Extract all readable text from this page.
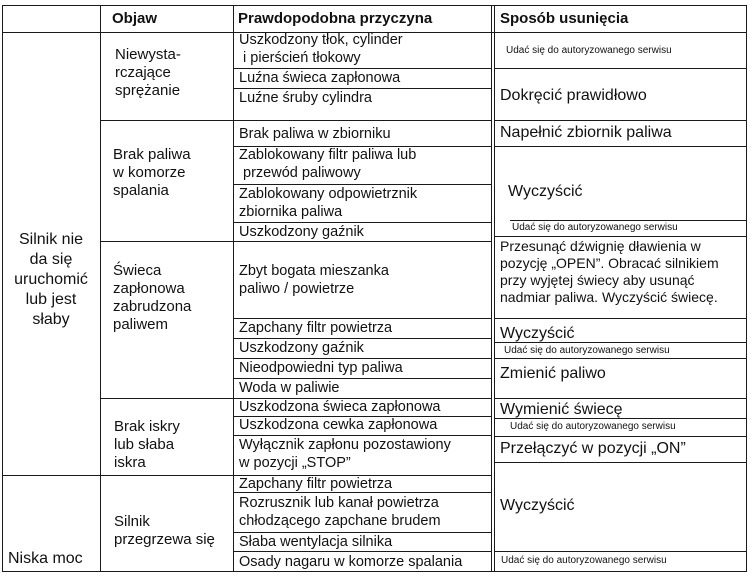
Objaw	Prawdopodobna przyczyna	Sposób usunięcia
Silnik nie
da się
uruchomić
lub jest
słaby
Niska moc
Niewysta-
rczające
sprężanie
Brak paliwa
w komorze
spalania
Świeca
zapłonowa
zabrudzona
paliwem
Brak iskry
lub słaba
iskra
Silnik
przegrzewa się
Uszkodzony tłok, cylinder
i pierścień tłokowy
Luźna świeca zapłonowa
Luźne śruby cylindra
Brak paliwa w zbiorniku
Zablokowany filtr paliwa lub
przewód paliwowy
Zablokowany odpowietrznik
zbiornika paliwa
Uszkodzony gaźnik
Zbyt bogata mieszanka
paliwo / powietrze
Zapchany filtr powietrza
Uszkodzony gaźnik
Nieodpowiedni typ paliwa
Woda w paliwie
Uszkodzona świeca zapłonowa
Uszkodzona cewka zapłonowa
Wyłącznik zapłonu pozostawiony
w pozycji „STOP”
Zapchany filtr powietrza
Rozrusznik lub kanał powietrza
chłodzącego zapchane brudem
Słaba wentylacja silnika
Osady nagaru w komorze spalania
Udać się do autoryzowanego serwisu
Dokręcić prawidłowo
Napełnić zbiornik paliwa
Wyczyścić
Udać się do autoryzowanego serwisu
Przesunąć dźwignię dławienia w
pozycję „OPEN”. Obracać silnikiem
przy wyjętej świecy aby usunąć
nadmiar paliwa. Wyczyścić świecę.
Wyczyścić
Udać się do autoryzowanego serwisu
Zmienić paliwo
Wymienić świecę
Udać się do autoryzowanego serwisu
Przełączyć w pozycji „ON”
Wyczyścić
Udać się do autoryzowanego serwisu
